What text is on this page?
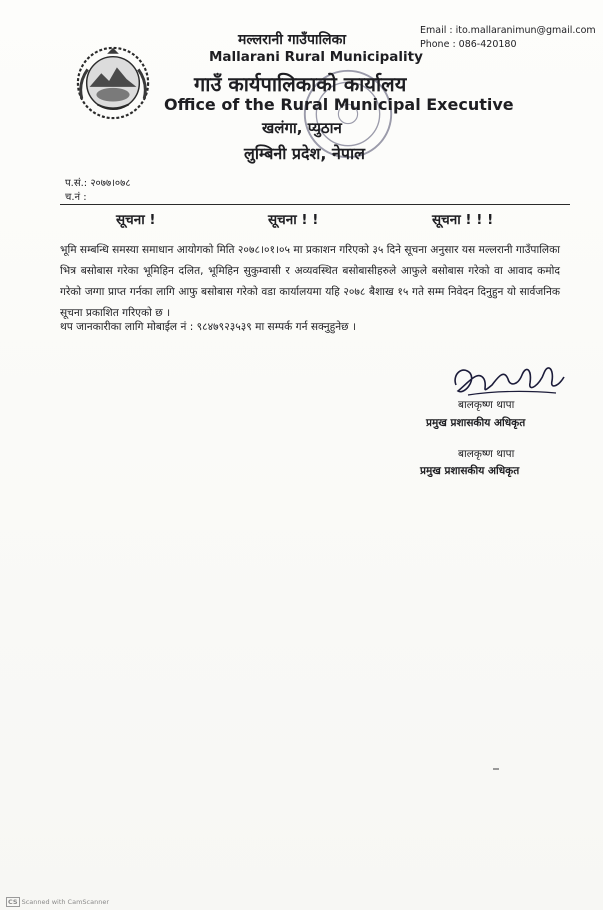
मल्लरानी गाउँपालिका
Mallarani Rural Municipality
गाउँ कार्यपालिकाको कार्यालय
Office of the Rural Municipal Executive
खलंगा, प्युठान
लुम्बिनी प्रदेश, नेपाल
Email : ito.mallaranimun@gmail.com
Phone : 086-420180
प.सं.: २०७७।०७८
च.नं :
सूचना !	सूचना ! !	सूचना ! ! !
भूमि सम्बन्धि समस्या समाधान आयोगको मिति २०७८।०१।०५ मा प्रकाशन गरिएको ३५ दिने सूचना अनुसार यस मल्लरानी गाउँपालिका भित्र बसोबास गरेका भूमिहिन दलित, भूमिहिन सुकुम्वासी र अव्यवस्थित बसोबासीहरुले आफुले बसोबास गरेको वा आवाद कमोद गरेको जग्गा प्राप्त गर्नका लागि आफु बसोबास गरेको वडा कार्यालयमा यहि २०७८ बैशाख १५ गते सम्म निवेदन दिनुहुन यो सार्वजनिक सूचना प्रकाशित गरिएको छ ।
थप जानकारीका लागि मोबाईल नं : ९८४७९२३५३९ मा सम्पर्क गर्न सक्नुहुनेछ ।
बालकृष्ण थापा
प्रमुख प्रशासकीय अधिकृत
बालकृष्ण थापा
प्रमुख प्रशासकीय अधिकृत
CS Scanned with CamScanner
